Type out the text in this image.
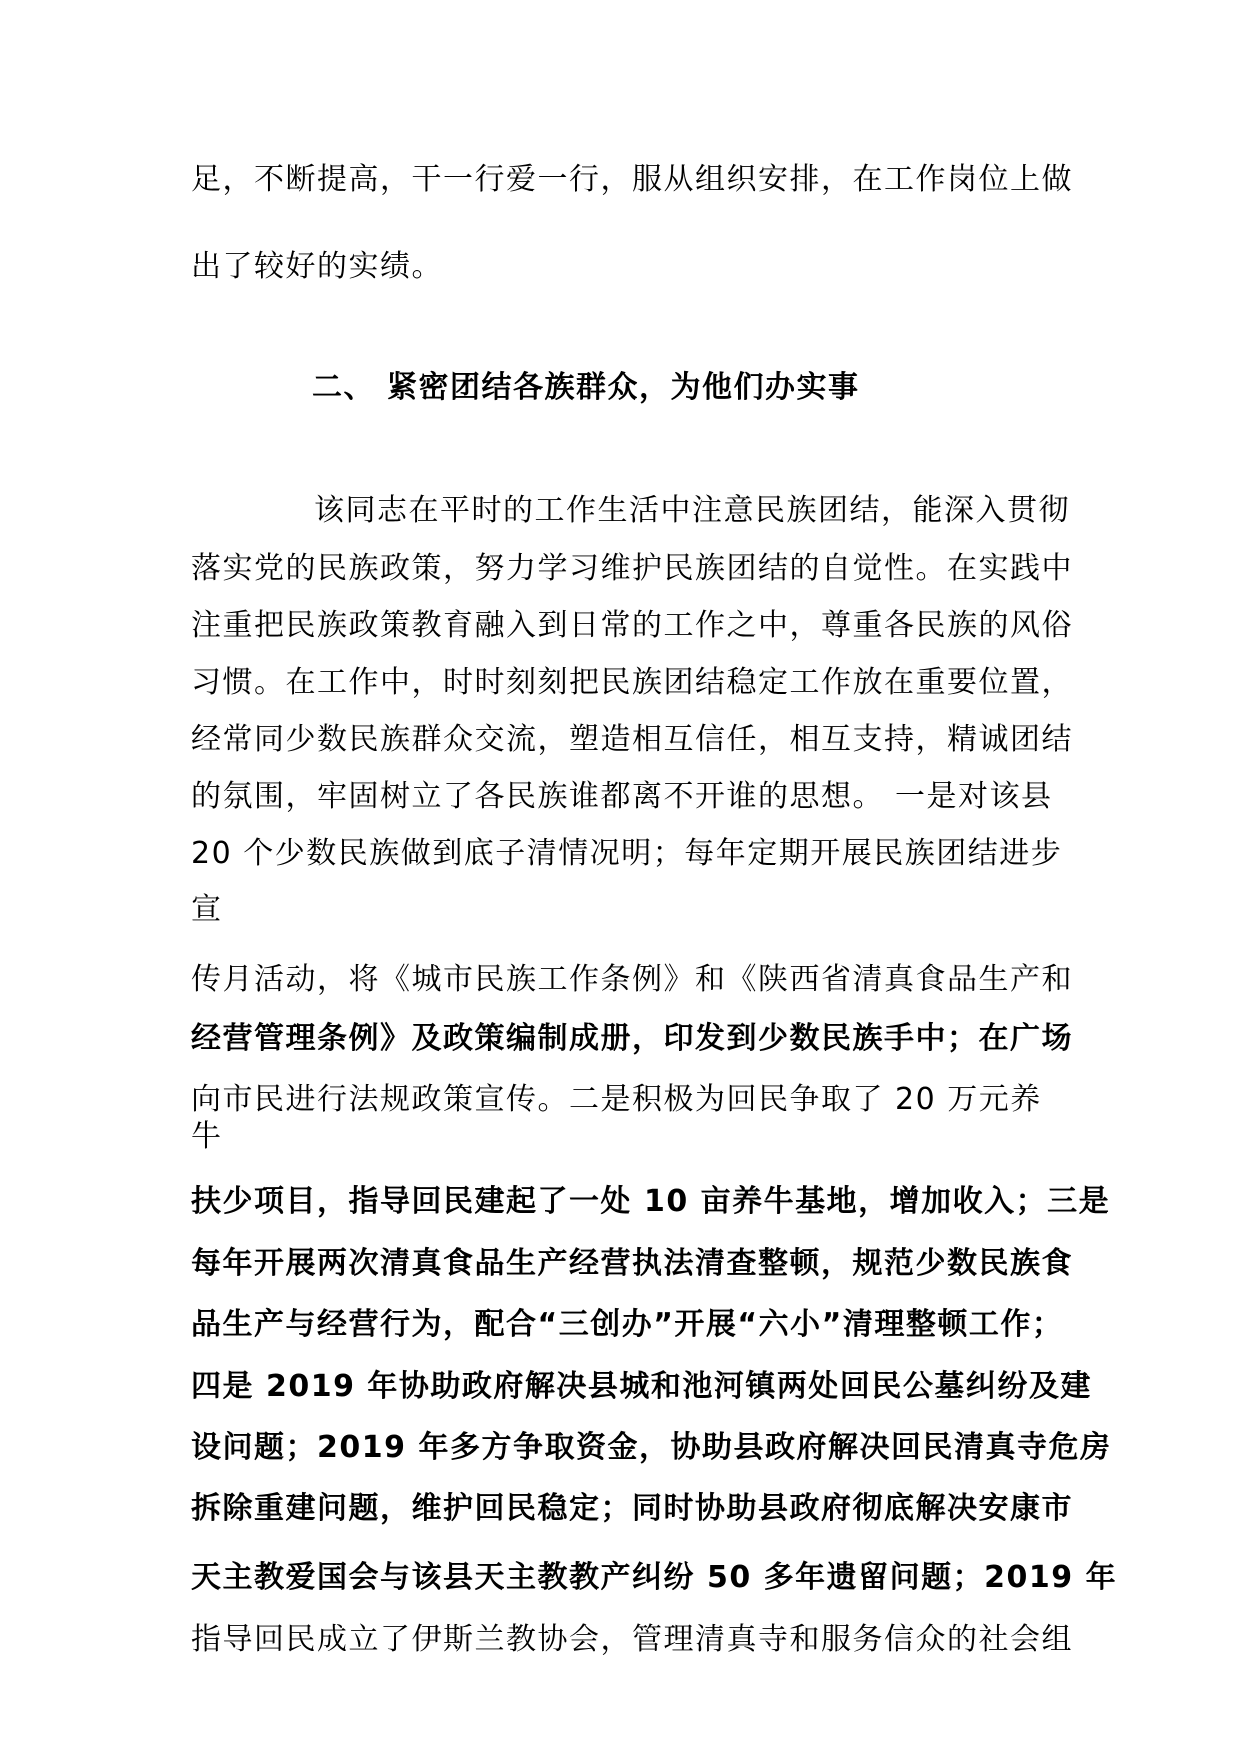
足，不断提高，干一行爱一行，服从组织安排，在工作岗位上做
出了较好的实绩。
二、 紧密团结各族群众，为他们办实事
该同志在平时的工作生活中注意民族团结，能深入贯彻
落实党的民族政策，努力学习维护民族团结的自觉性。在实践中
注重把民族政策教育融入到日常的工作之中，尊重各民族的风俗
习惯。在工作中，时时刻刻把民族团结稳定工作放在重要位置，
经常同少数民族群众交流，塑造相互信任，相互支持，精诚团结
的氛围，牢固树立了各民族谁都离不开谁的思想。 一是对该县
20 个少数民族做到底子清情况明；每年定期开展民族团结进步
宣
传月活动，将《城市民族工作条例》和《陕西省清真食品生产和
经营管理条例》及政策编制成册，印发到少数民族手中；在广场
向市民进行法规政策宣传。二是积极为回民争取了 20 万元养
牛
扶少项目，指导回民建起了一处 10 亩养牛基地，增加收入；三是
每年开展两次清真食品生产经营执法清查整顿，规范少数民族食
品生产与经营行为，配合“三创办”开展“六小”清理整顿工作；
四是 2019 年协助政府解决县城和池河镇两处回民公墓纠纷及建
设问题；2019 年多方争取资金，协助县政府解决回民清真寺危房
拆除重建问题，维护回民稳定；同时协助县政府彻底解决安康市
天主教爱国会与该县天主教教产纠纷 50 多年遗留问题；2019 年
指导回民成立了伊斯兰教协会，管理清真寺和服务信众的社会组
